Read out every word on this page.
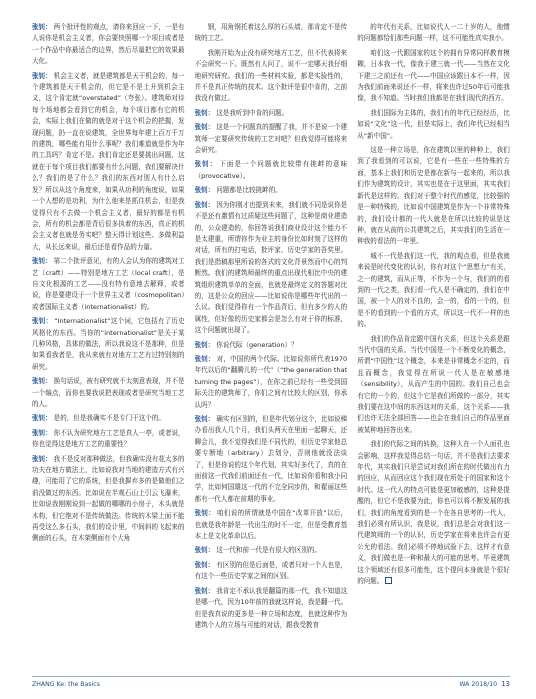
张钊： 两个批评性的观点，请你来回应一下，一是有人说你是机会主义者，你会要快照哪一个项目或者是一个作品中你最适合的边界，然后尽量把它的效果最大化。

张钊： 机会主义者，就是建筑都是天干机会的，每一个建筑都是天干机会的，但它是不是上升到机会主义，这个肯定就“overstated”（夸张）。建筑师对待每个场地都会看到它的机会，每个项目都有它的机会，实际上我们在做的就是对于这个机会的把握，发现问题，扔一直在说建筑，全世界每年建上百万千万的建筑，哪些能有用什么事呢？我们难道就是作为年的工具吗？肯定不是。我们肯定还是要挑出问题，这就在于每个项目我们都要有什么问题，我们要解决什么？我们的是了什么？我们的东西对别人有什么启发？所以从这个角度来，如果从功利的角度说，如果一个人想的是功利，为什么他来是抓住机会，但是我觉得只有不去做一个机会主义者，最好的都是有机会，所有的机会都是背后很多执着的东西，真正的机会主义者也就是务实吧？整天得计划这些、多做利益大，从长远来说，最后还是看作品的力量。

张钊： 第二个批评意见，有的人会认为你的建筑对工艺（craft）——特别是地方工艺（local craft），是自文化根源的工艺——没有特有意地去解释，或者说，你是要建设于一个世界主义者（cosmopolitan）或者国际主义者（internationalist）的。

张钊： “Internationalist”这个词，它包括有了历史风格化的东西。当你的“internationalist”是关于某几种风格，具体的做法，所以我说这不是那种，但是如果看我者是，我从来就有对地方工艺有过特别刻的研究。

张钊： 换句话说，被有研究就不太刻意表现，并不是一个编点，而你也要我说把表现或者是研究当地工艺的人。

张钊： 是的，但是我确实不是专门干这个的。

张钊： 你不认为研究地方工艺是真人一亭，或者说，你也觉得这是地方工艺的重要性？

张钊： 我不是反对那种做法，但我确实没有花太多的功夫在地方做法上，比如说我对当地的建造方式有兴趣，可能用了它的系统，但是我摒弃多的是做他们之前没做过的东西。比如说在半观石山上引云飞瀑来，比如说我刚刚说到一起做的哪哪的小房子，木头就是木构，但它绝对不是传统做法。传统的木梁上面不能再受这么多石头，我们的设计里，中间斜的飞起来的侧面的石头，在木架侧面有个大角

钢，用角钢托着这么厚的石头墙，那肯定不是传统的工艺。

我刚开始为止没有研究地方工艺，但不代表将来不会研究一下。既然有人问了，说不一定哪天我仔细地研究研究。我们的一些材料实验，都是实验性的，并不是真正传统的技术。这个批评是很中肯的，之前我没有做过。

张钊： 这是我听到中肯的问题。

张钊： 这是一个问题真的提醒了我，并不是说一个建筑师一定要研究传统的工艺对吧？但我觉得可能将来会研究。

张钊： 下面是一个问题就比较带有挑衅的意味（provocative）。

张钊： 问题都是比较挑衅的。

张钊： 因为你刚才也提到未来，我们就不同是说你是不是还有激情有过质疑这些问题了，这种是商业建造的，公众建造的，你回答说我们商业设计这个能力不是太建重，所谓你作为业主的身份比如时刻了这样的对话，所有的打电话，批评家、历史学家的吾奖里。我们是指稿那里所说的各式的文化背景然而中心的判断然。我们的建筑师最终的重点出现代相比中央的建筑组织建筑单单的全面，也就是最终定义的答题对比的，这是公众的回应——比如说你是哪些年代出的一么议。我们觉得你有一个作品背后，但有多少的人的属性，但好像的历史家都会是怎么有对于你的标准，这个问题就出现了。

张钊： 你说代际（generation）？

张钊： 对，中国的两个代际。比如说你所代表1970年代以后的“翻腾儿的一代”（“the generation that turning the pages”），在你之前已经有一些受到国际关注的建筑师了，你们之间有比较大的区别，你承认吗？

张钊： 确实有区别的，但是年代划分这个，比如说梯办看出我人几个月，我们头两天在里面一起聊天，还聊会儿，我不觉得我们是不同代的，但历史学家他总要专断地（arbitrary）去划分，否则他就没法谈了，但是你说的这个年代划，其实好多代了，真的在面前这一代我们前面还有一代，比如说你看和我小同学，比如何国雄这一代的不完全同步的，和翟丽这些都有一代人都在前期的事业。

张钊： 咱们说的所谓就是中国在“改革开放”以后，也就是我年龄是一代出生的时不一定，但是受教育基本上是文化革命以后。

张钊： 这一代和前一代是有很大的区别的。

张钊： 有区别的但是后面是，或者只对一个人也是，有这个一些历史学家之间的区别。

张钊： 我肯定不承认我是翻篇的那一代，我不知道这是哪一代，因为10年前的我就这样说，我是翻一代。但是我真说的更多是一种立场和态度，也就这种作为建筑个人的立场与可能的对话，跟我受教育

的年代有关系，比如说代人一二十岁的人，他惯的问题都恰们那些问题一样，这不可能性真实我小。

咱们这一代跟国家的这个的拥有异常同样教育模糊，日本我一代，像我于建三就一代——当然在文化下建三之前还有一代——中国应该跟日本不一样，因为我们前面来说还不一样，将来也许过50年后可能我像，我不知道。当时我们我都是在我们现代的西方。

我们国际为主体的，我们有的年代已经经历，比如说“文化”这一代，但是实际上，我们年代已经相当从“新中国”。

这是一种立场是，你在建筑以里的种种上，我们到了我看到的可以说，它是有一些在一些特殊的方面，基本上我们和历史是都在新与一起来的，所以我们作为建筑的设计，其实也是在于这里面，其实我们新代是这样的。我们对于整个时代的感觉，比较强的是一种特殊的，比如说中国建筑是作为一个非常特殊的，我们设计都的一代人就是在所以比较的说是这种，就在从前的公共建筑之后，其实我们的生活在一种我的看法的一年里。

城不一代是我们这一代，我的观点看，但是我就来说是时代变化的认识，你有对这个“思想力”有关，之一的建筑，而从正等，不作为一个与，我们的的看到的一代之类，我们看一代人是不确定的，我们在中国，被一个人的对不良的，会一的，看的一个的，但是不的看到的一个看的方式，所以这一代不一样的也的。

我们的作品肯定跟中国有关系，但这个关系是跟当代中国的关系。当代中国是一个不断变化的概念，所谓“中国性”这个概念，本来是非常概念不定的，而且而概念，我觉得在所说一代人是在敏感地（sensibility），从而产生的中国的。我们自己也会有它的一个的，但这个它是我们所做的一部分，其实我们要在这中间的东西这对的关系，这个关系——我们也许无法全部回答——也会在我们自己的作品里面被某种地回答出来。

我们的代际之间的转换，这种人在一个人面孔也会影响，这样我觉得总结一句话，并不是我们去要求年代，其实我们只是尝试对我们所在的时代做出有力的回应，从而回应这个我们现在所处于的国家和这个时代。这一代人的特点可能是更加敏感的，这种是提醒的，但它不是我要为此，你也可以将不断发展的我们，我们的角度看到的是一个在各自思考的一代人，我们必须有所认识，我是说，我们总是会对我们这一代建筑师的一个的认识，历史学家在将来也许会有更公允的看法。我们必须不停地试验下去，这样才有意义，我们做也是一种和最大的可能的思考。毕竟建筑这个领域还有很多可能性，这个提问本身就是个很好的问题。

ZHANG Ke: the Basics	WA 2018/10 13
